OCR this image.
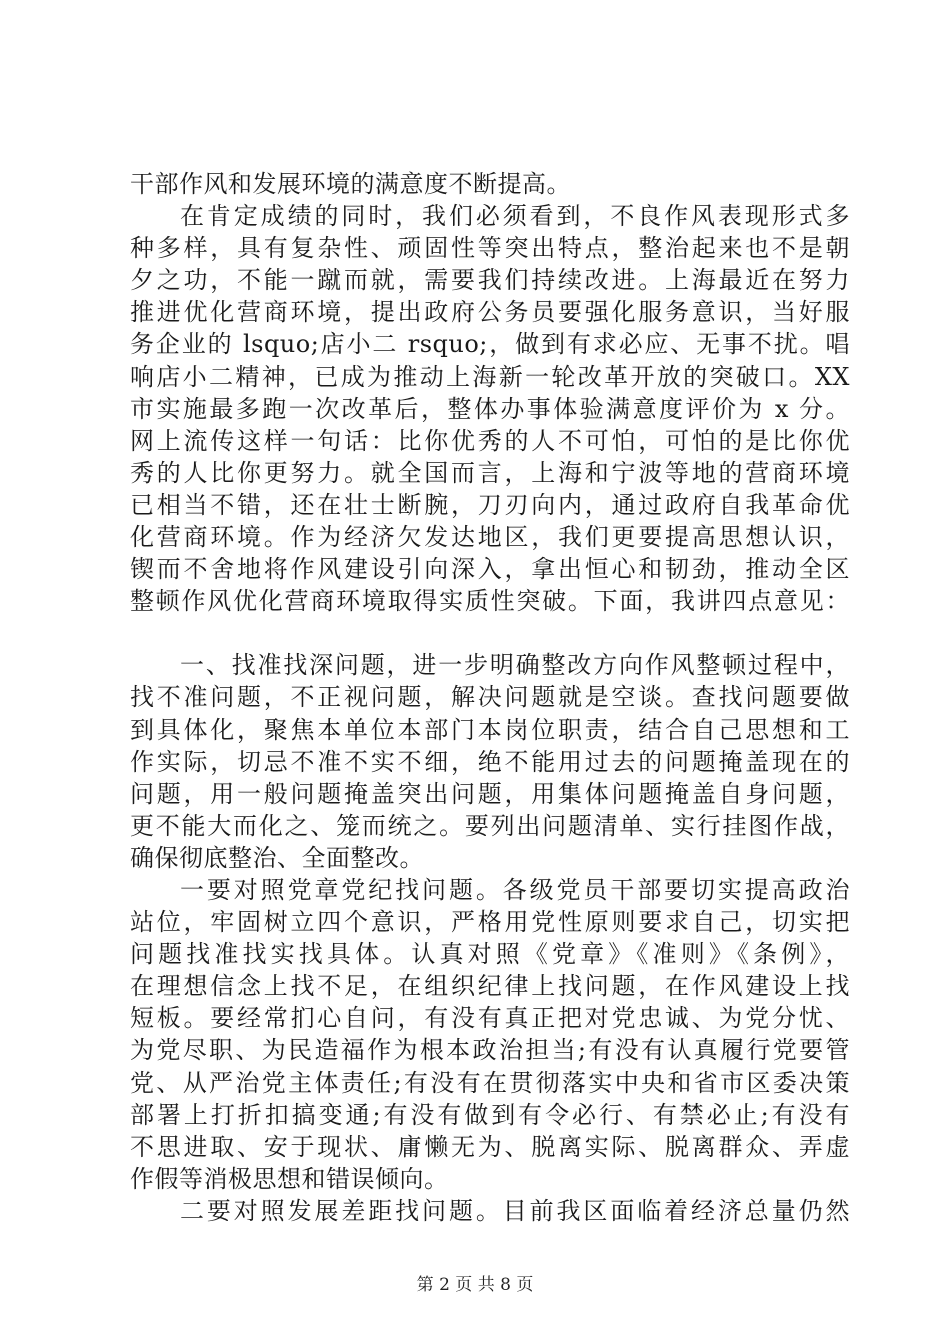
干部作风和发展环境的满意度不断提高。
在肯定成绩的同时，我们必须看到，不良作风表现形式多
种多样，具有复杂性、顽固性等突出特点，整治起来也不是朝
夕之功，不能一蹴而就，需要我们持续改进。上海最近在努力
推进优化营商环境，提出政府公务员要强化服务意识，当好服
务企业的 lsquo;店小二 rsquo;，做到有求必应、无事不扰。唱
响店小二精神，已成为推动上海新一轮改革开放的突破口。XX
市实施最多跑一次改革后，整体办事体验满意度评价为 x 分。
网上流传这样一句话：比你优秀的人不可怕，可怕的是比你优
秀的人比你更努力。就全国而言，上海和宁波等地的营商环境
已相当不错，还在壮士断腕，刀刃向内，通过政府自我革命优
化营商环境。作为经济欠发达地区，我们更要提高思想认识，
锲而不舍地将作风建设引向深入，拿出恒心和韧劲，推动全区
整顿作风优化营商环境取得实质性突破。下面，我讲四点意见：
一、找准找深问题，进一步明确整改方向作风整顿过程中，
找不准问题，不正视问题，解决问题就是空谈。查找问题要做
到具体化，聚焦本单位本部门本岗位职责，结合自己思想和工
作实际，切忌不准不实不细，绝不能用过去的问题掩盖现在的
问题，用一般问题掩盖突出问题，用集体问题掩盖自身问题，
更不能大而化之、笼而统之。要列出问题清单、实行挂图作战，
确保彻底整治、全面整改。
一要对照党章党纪找问题。各级党员干部要切实提高政治
站位，牢固树立四个意识，严格用党性原则要求自己，切实把
问题找准找实找具体。认真对照《党章》《准则》《条例》，
在理想信念上找不足，在组织纪律上找问题，在作风建设上找
短板。要经常扪心自问，有没有真正把对党忠诚、为党分忧、
为党尽职、为民造福作为根本政治担当;有没有认真履行党要管
党、从严治党主体责任;有没有在贯彻落实中央和省市区委决策
部署上打折扣搞变通;有没有做到有令必行、有禁必止;有没有
不思进取、安于现状、庸懒无为、脱离实际、脱离群众、弄虚
作假等消极思想和错误倾向。
二要对照发展差距找问题。目前我区面临着经济总量仍然
第 2 页 共 8 页
